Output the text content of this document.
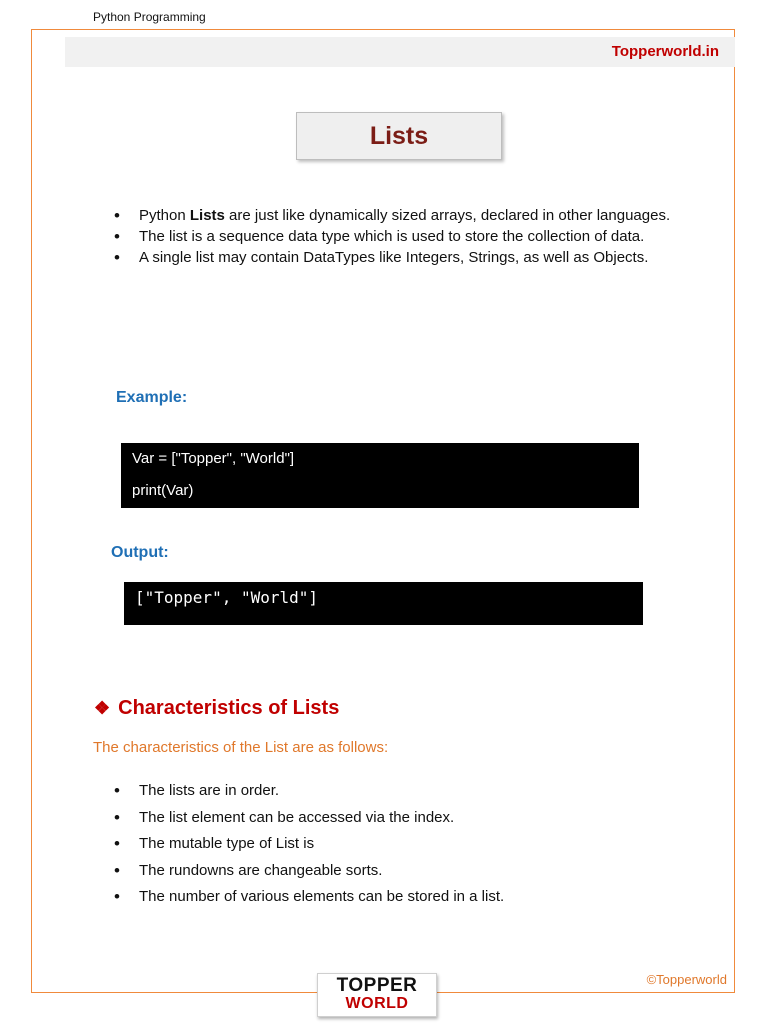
Python Programming
Topperworld.in
Lists
• Python Lists are just like dynamically sized arrays, declared in other languages.
• The list is a sequence data type which is used to store the collection of data.
• A single list may contain DataTypes like Integers, Strings, as well as Objects.
Example:
Var = ["Topper", "World"]
print(Var)
Output:
["Topper", "World"]
❖ Characteristics of Lists
The characteristics of the List are as follows:
• The lists are in order.
• The list element can be accessed via the index.
• The mutable type of List is
• The rundowns are changeable sorts.
• The number of various elements can be stored in a list.
©Topperworld
TOPPER
WORLD
